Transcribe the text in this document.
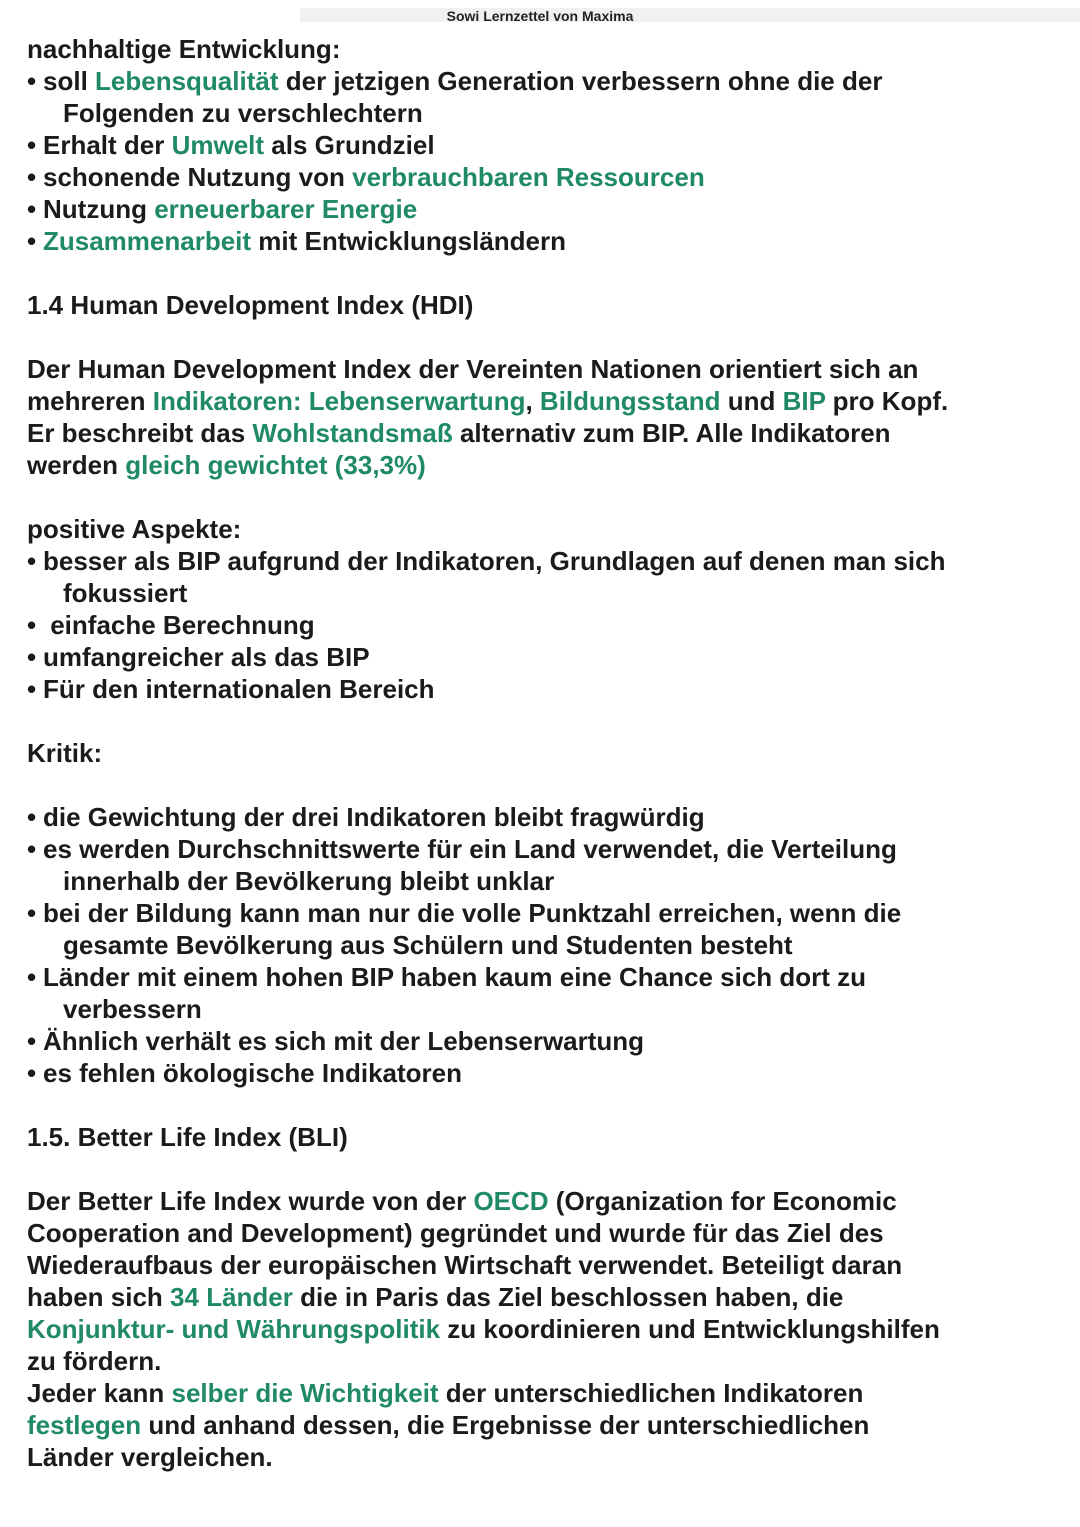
Sowi Lernzettel von Maxima
nachhaltige Entwicklung:
• soll Lebensqualität der jetzigen Generation verbessern ohne die der
Folgenden zu verschlechtern
• Erhalt der Umwelt als Grundziel
• schonende Nutzung von verbrauchbaren Ressourcen
• Nutzung erneuerbarer Energie
• Zusammenarbeit mit Entwicklungsländern
1.4 Human Development Index (HDI)
Der Human Development Index der Vereinten Nationen orientiert sich an
mehreren Indikatoren: Lebenserwartung, Bildungsstand und BIP pro Kopf.
Er beschreibt das Wohlstandsmaß alternativ zum BIP. Alle Indikatoren
werden gleich gewichtet (33,3%)
positive Aspekte:
• besser als BIP aufgrund der Indikatoren, Grundlagen auf denen man sich
fokussiert
• einfache Berechnung
• umfangreicher als das BIP
• Für den internationalen Bereich
Kritik:
• die Gewichtung der drei Indikatoren bleibt fragwürdig
• es werden Durchschnittswerte für ein Land verwendet, die Verteilung
innerhalb der Bevölkerung bleibt unklar
• bei der Bildung kann man nur die volle Punktzahl erreichen, wenn die
gesamte Bevölkerung aus Schülern und Studenten besteht
• Länder mit einem hohen BIP haben kaum eine Chance sich dort zu
verbessern
• Ähnlich verhält es sich mit der Lebenserwartung
• es fehlen ökologische Indikatoren
1.5. Better Life Index (BLI)
Der Better Life Index wurde von der OECD (Organization for Economic
Cooperation and Development) gegründet und wurde für das Ziel des
Wiederaufbaus der europäischen Wirtschaft verwendet. Beteiligt daran
haben sich 34 Länder die in Paris das Ziel beschlossen haben, die
Konjunktur- und Währungspolitik zu koordinieren und Entwicklungshilfen
zu fördern.
Jeder kann selber die Wichtigkeit der unterschiedlichen Indikatoren
festlegen und anhand dessen, die Ergebnisse der unterschiedlichen
Länder vergleichen.
